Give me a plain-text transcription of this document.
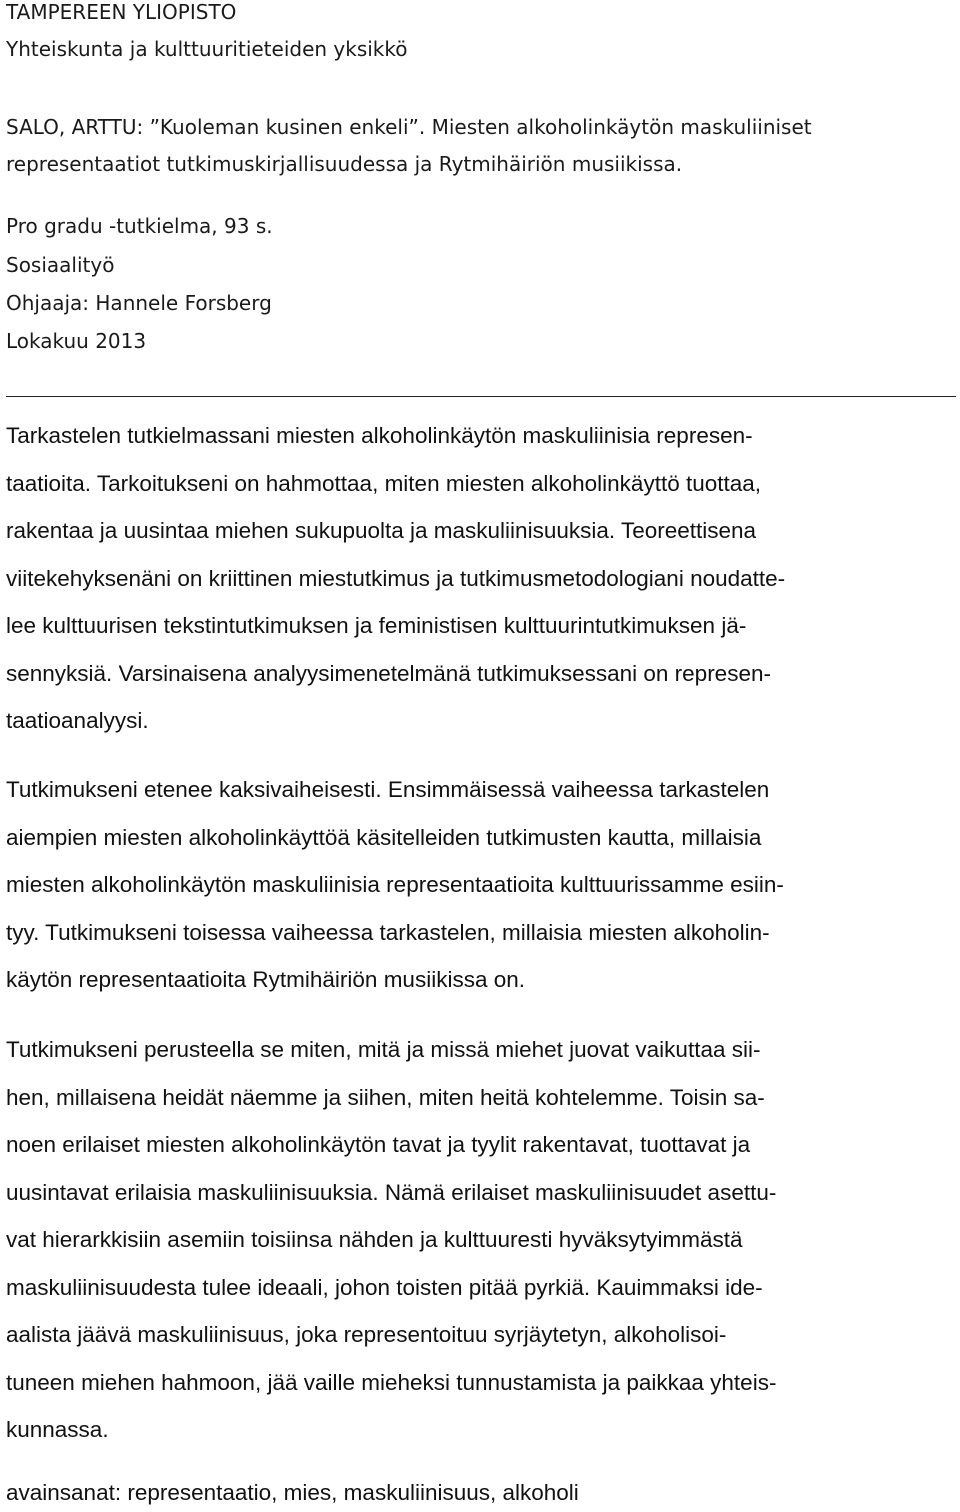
TAMPEREEN YLIOPISTO
Yhteiskunta ja kulttuuritieteiden yksikkö
SALO, ARTTU: ”Kuoleman kusinen enkeli”. Miesten alkoholinkäytön maskuliiniset
representaatiot tutkimuskirjallisuudessa ja Rytmihäiriön musiikissa.
Pro gradu -tutkielma, 93 s.
Sosiaalityö
Ohjaaja: Hannele Forsberg
Lokakuu 2013

Tarkastelen tutkielmassani miesten alkoholinkäytön maskuliinisia represen-
taatioita. Tarkoitukseni on hahmottaa, miten miesten alkoholinkäyttö tuottaa,
rakentaa ja uusintaa miehen sukupuolta ja maskuliinisuuksia. Teoreettisena
viitekehyksenäni on kriittinen miestutkimus ja tutkimusmetodologiani noudatte-
lee kulttuurisen tekstintutkimuksen ja feministisen kulttuurintutkimuksen jä-
sennyksiä. Varsinaisena analyysimenetelmänä tutkimuksessani on represen-
taatioanalyysi.

Tutkimukseni etenee kaksivaiheisesti. Ensimmäisessä vaiheessa tarkastelen
aiempien miesten alkoholinkäyttöä käsitelleiden tutkimusten kautta, millaisia
miesten alkoholinkäytön maskuliinisia representaatioita kulttuurissamme esiin-
tyy. Tutkimukseni toisessa vaiheessa tarkastelen, millaisia miesten alkoholin-
käytön representaatioita Rytmihäiriön musiikissa on.

Tutkimukseni perusteella se miten, mitä ja missä miehet juovat vaikuttaa sii-
hen, millaisena heidät näemme ja siihen, miten heitä kohtelemme. Toisin sa-
noen erilaiset miesten alkoholinkäytön tavat ja tyylit rakentavat, tuottavat ja
uusintavat erilaisia maskuliinisuuksia. Nämä erilaiset maskuliinisuudet asettu-
vat hierarkkisiin asemiin toisiinsa nähden ja kulttuuresti hyväksytyimmästä
maskuliinisuudesta tulee ideaali, johon toisten pitää pyrkiä. Kauimmaksi ide-
aalista jäävä maskuliinisuus, joka representoituu syrjäytetyn, alkoholisoi-
tuneen miehen hahmoon, jää vaille mieheksi tunnustamista ja paikkaa yhteis-
kunnassa.

avainsanat: representaatio, mies, maskuliinisuus, alkoholi
